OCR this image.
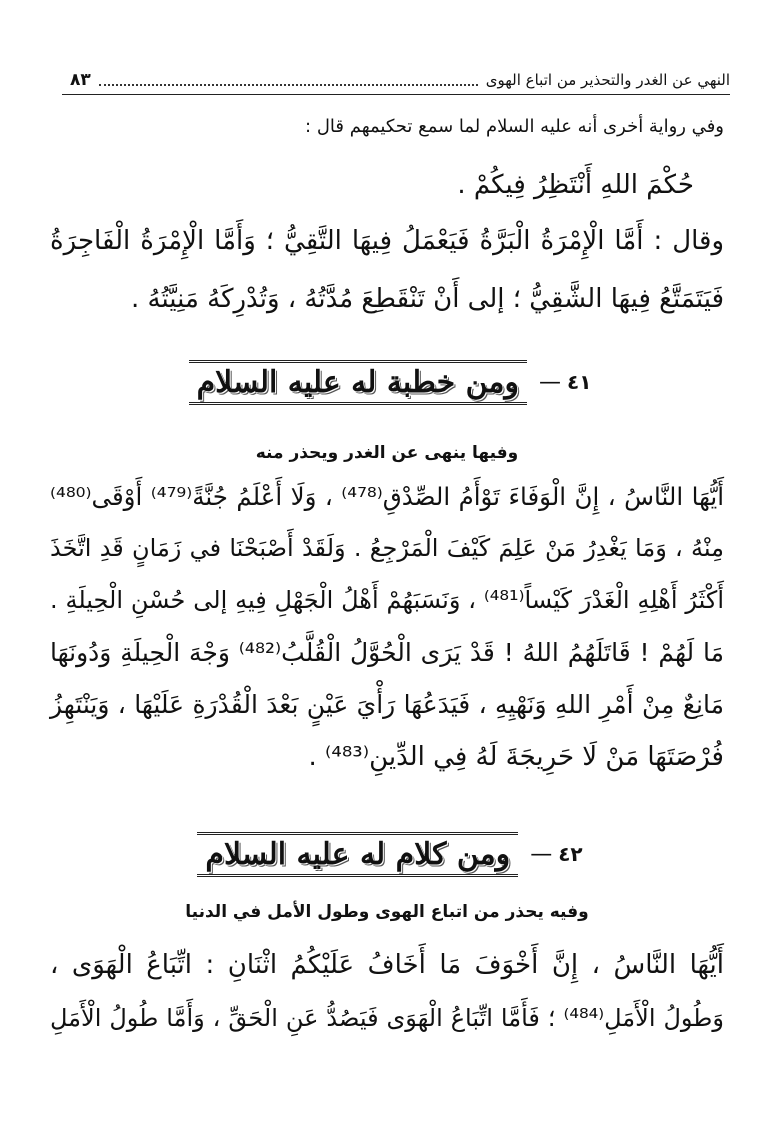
النهي عن الغدر والتحذير من اتباع الهوى
٨٣
وفي رواية أخرى أنه عليه السلام لما سمع تحكيمهم قال :
حُكْمَ اللهِ أَنْتَظِرُ فِيكُمْ .
وقال : أَمَّا الْإِمْرَةُ الْبَرَّةُ فَيَعْمَلُ فِيهَا التَّقِيُّ ؛ وَأَمَّا الْإِمْرَةُ الْفَاجِرَةُ
فَيَتَمَتَّعُ فِيهَا الشَّقِيُّ ؛ إلى أَنْ تَنْقَطِعَ مُدَّتُهُ ، وَتُدْرِكَهُ مَنِيَّتُهُ .
٤١
—
ومن خطبة له عليه السلام
وفيها ينهى عن الغدر ويحذر منه
أَيُّهَا النَّاسُ ، إِنَّ الْوَفَاءَ تَوْأَمُ الصِّدْقِ⁽⁴⁷⁸⁾ ، وَلَا أَعْلَمُ جُنَّةً⁽⁴⁷⁹⁾ أَوْقَى⁽⁴⁸⁰⁾
مِنْهُ ، وَمَا يَغْدِرُ مَنْ عَلِمَ كَيْفَ الْمَرْجِعُ . وَلَقَدْ أَصْبَحْنَا في زَمَانٍ قَدِ اتَّخَذَ
أَكْثَرُ أَهْلِهِ الْغَدْرَ كَيْساً⁽⁴⁸¹⁾ ، وَنَسَبَهُمْ أَهْلُ الْجَهْلِ فِيهِ إلى حُسْنِ الْحِيلَةِ .
مَا لَهُمْ ! قَاتَلَهُمُ اللهُ ! قَدْ يَرَى الْحُوَّلُ الْقُلَّبُ⁽⁴⁸²⁾ وَجْهَ الْحِيلَةِ وَدُونَهَا
مَانِعٌ مِنْ أَمْرِ اللهِ وَنَهْيِهِ ، فَيَدَعُهَا رَأْيَ عَيْنٍ بَعْدَ الْقُدْرَةِ عَلَيْهَا ، وَيَنْتَهِزُ
فُرْصَتَهَا مَنْ لَا حَرِيجَةَ لَهُ فِي الدِّينِ⁽⁴⁸³⁾ .
٤٢
—
ومن كلام له عليه السلام
وفيه يحذر من اتباع الهوى وطول الأمل في الدنيا
أَيُّهَا النَّاسُ ، إِنَّ أَخْوَفَ مَا أَخَافُ عَلَيْكُمُ اثْنَانِ : اتِّبَاعُ الْهَوَى ،
وَطُولُ الْأَمَلِ⁽⁴⁸⁴⁾ ؛ فَأَمَّا اتِّبَاعُ الْهَوَى فَيَصُدُّ عَنِ الْحَقِّ ، وَأَمَّا طُولُ الْأَمَلِ
